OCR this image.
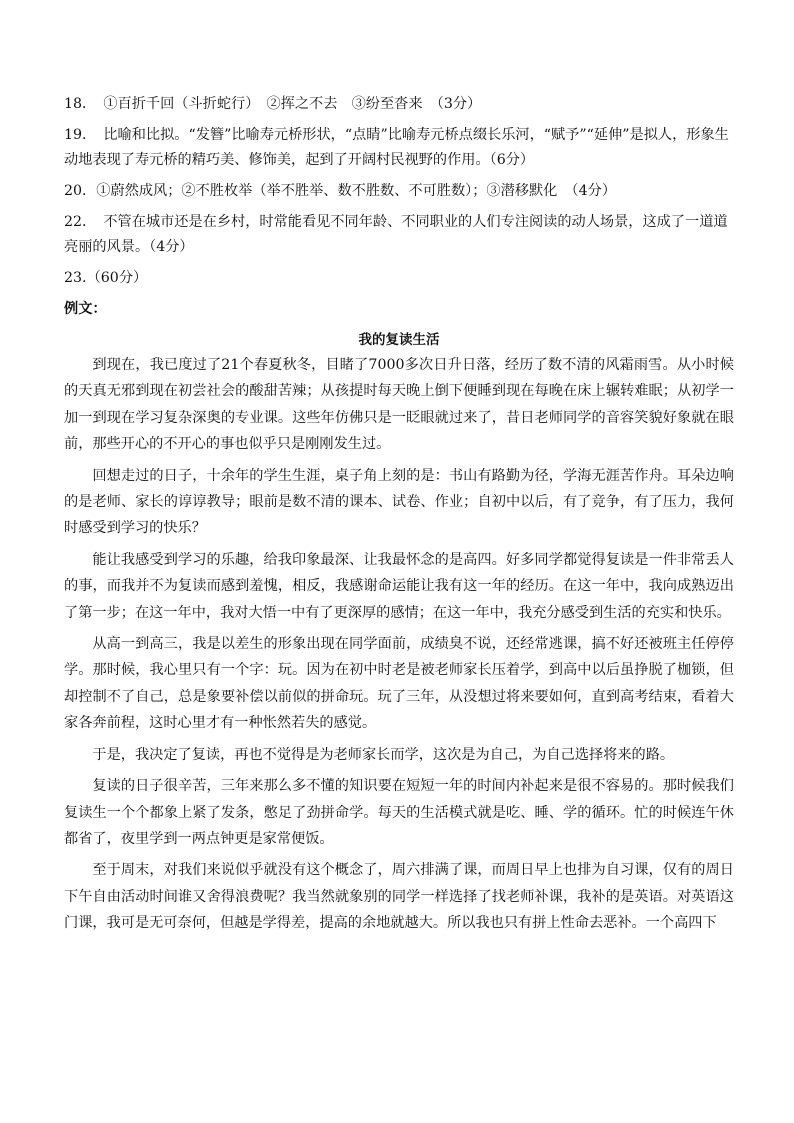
18．　 ①百折千回（斗折蛇行）　②挥之不去　③纷至沓来　（3分）

19．　 比喻和比拟。“发簪”比喻寿元桥形状，“点睛”比喻寿元桥点缀长乐河，“赋予”“延伸”是拟人，形象生动地表现了寿元桥的精巧美、修饰美，起到了开阔村民视野的作用。（6分）

20．①蔚然成风；②不胜枚举（举不胜举、数不胜数、不可胜数）；③潜移默化　（4分）

22．　 不管在城市还是在乡村，时常能看见不同年龄、不同职业的人们专注阅读的动人场景，这成了一道道亮丽的风景。（4分）

23.（60分）

例文：

我的复读生活

到现在，我已度过了21个春夏秋冬，目睹了7000多次日升日落，经历了数不清的风霜雨雪。从小时候的天真无邪到现在初尝社会的酸甜苦辣；从孩提时每天晚上倒下便睡到现在每晚在床上辗转难眠；从初学一加一到现在学习复杂深奥的专业课。这些年仿佛只是一眨眼就过来了，昔日老师同学的音容笑貌好象就在眼前，那些开心的不开心的事也似乎只是刚刚发生过。

回想走过的日子，十余年的学生生涯，桌子角上刻的是：书山有路勤为径，学海无涯苦作舟。耳朵边响的是老师、家长的谆谆教导；眼前是数不清的课本、试卷、作业；自初中以后，有了竞争，有了压力，我何时感受到学习的快乐？

能让我感受到学习的乐趣，给我印象最深、让我最怀念的是高四。好多同学都觉得复读是一件非常丢人的事，而我并不为复读而感到羞愧，相反，我感谢命运能让我有这一年的经历。在这一年中，我向成熟迈出了第一步；在这一年中，我对大悟一中有了更深厚的感情；在这一年中，我充分感受到生活的充实和快乐。

从高一到高三，我是以差生的形象出现在同学面前，成绩臭不说，还经常逃课，搞不好还被班主任停停学。那时候，我心里只有一个字：玩。因为在初中时老是被老师家长压着学，到高中以后虽挣脱了枷锁，但却控制不了自己，总是象要补偿以前似的拼命玩。玩了三年，从没想过将来要如何，直到高考结束，看着大家各奔前程，这时心里才有一种怅然若失的感觉。

于是，我决定了复读，再也不觉得是为老师家长而学，这次是为自己，为自己选择将来的路。

复读的日子很辛苦，三年来那么多不懂的知识要在短短一年的时间内补起来是很不容易的。那时候我们复读生一个个都象上紧了发条，憋足了劲拼命学。每天的生活模式就是吃、睡、学的循环。忙的时候连午休都省了，夜里学到一两点钟更是家常便饭。

至于周末，对我们来说似乎就没有这个概念了，周六排满了课，而周日早上也排为自习课，仅有的周日下午自由活动时间谁又舍得浪费呢？我当然就象别的同学一样选择了找老师补课，我补的是英语。对英语这门课，我可是无可奈何，但越是学得差，提高的余地就越大。所以我也只有拼上性命去恶补。一个高四下
